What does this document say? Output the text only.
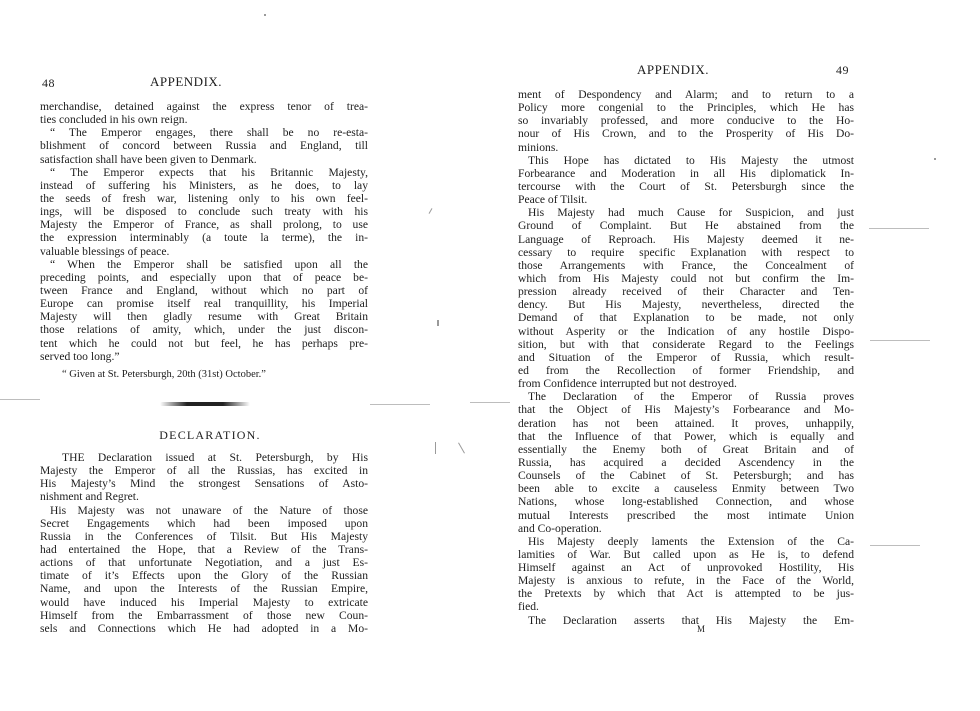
48	APPENDIX.
merchandise, detained against the express tenor of trea-
ties concluded in his own reign.
“ The Emperor engages, there shall be no re-esta-
blishment of concord between Russia and England, till
satisfaction shall have been given to Denmark.
“ The Emperor expects that his Britannic Majesty,
instead of suffering his Ministers, as he does, to lay
the seeds of fresh war, listening only to his own feel-
ings, will be disposed to conclude such treaty with his
Majesty the Emperor of France, as shall prolong, to use
the expression interminably (a toute la terme), the in-
valuable blessings of peace.
“ When the Emperor shall be satisfied upon all the
preceding points, and especially upon that of peace be-
tween France and England, without which no part of
Europe can promise itself real tranquillity, his Imperial
Majesty will then gladly resume with Great Britain
those relations of amity, which, under the just discon-
tent which he could not but feel, he has perhaps pre-
served too long.”
“ Given at St. Petersburgh, 20th (31st) October.”
DECLARATION.
THE Declaration issued at St. Petersburgh, by His
Majesty the Emperor of all the Russias, has excited in
His Majesty’s Mind the strongest Sensations of Asto-
nishment and Regret.
His Majesty was not unaware of the Nature of those
Secret Engagements which had been imposed upon
Russia in the Conferences of Tilsit. But His Majesty
had entertained the Hope, that a Review of the Trans-
actions of that unfortunate Negotiation, and a just Es-
timate of it’s Effects upon the Glory of the Russian
Name, and upon the Interests of the Russian Empire,
would have induced his Imperial Majesty to extricate
Himself from the Embarrassment of those new Coun-
sels and Connections which He had adopted in a Mo-
APPENDIX.	49
ment of Despondency and Alarm; and to return to a
Policy more congenial to the Principles, which He has
so invariably professed, and more conducive to the Ho-
nour of His Crown, and to the Prosperity of His Do-
minions.
This Hope has dictated to His Majesty the utmost
Forbearance and Moderation in all His diplomatick In-
tercourse with the Court of St. Petersburgh since the
Peace of Tilsit.
His Majesty had much Cause for Suspicion, and just
Ground of Complaint. But He abstained from the
Language of Reproach. His Majesty deemed it ne-
cessary to require specific Explanation with respect to
those Arrangements with France, the Concealment of
which from His Majesty could not but confirm the Im-
pression already received of their Character and Ten-
dency. But His Majesty, nevertheless, directed the
Demand of that Explanation to be made, not only
without Asperity or the Indication of any hostile Dispo-
sition, but with that considerate Regard to the Feelings
and Situation of the Emperor of Russia, which result-
ed from the Recollection of former Friendship, and
from Confidence interrupted but not destroyed.
The Declaration of the Emperor of Russia proves
that the Object of His Majesty’s Forbearance and Mo-
deration has not been attained. It proves, unhappily,
that the Influence of that Power, which is equally and
essentially the Enemy both of Great Britain and of
Russia, has acquired a decided Ascendency in the
Counsels of the Cabinet of St. Petersburgh; and has
been able to excite a causeless Enmity between Two
Nations, whose long-established Connection, and whose
mutual Interests prescribed the most intimate Union
and Co-operation.
His Majesty deeply laments the Extension of the Ca-
lamities of War. But called upon as He is, to defend
Himself against an Act of unprovoked Hostility, His
Majesty is anxious to refute, in the Face of the World,
the Pretexts by which that Act is attempted to be jus-
fied.
The Declaration asserts that His Majesty the Em-
M
